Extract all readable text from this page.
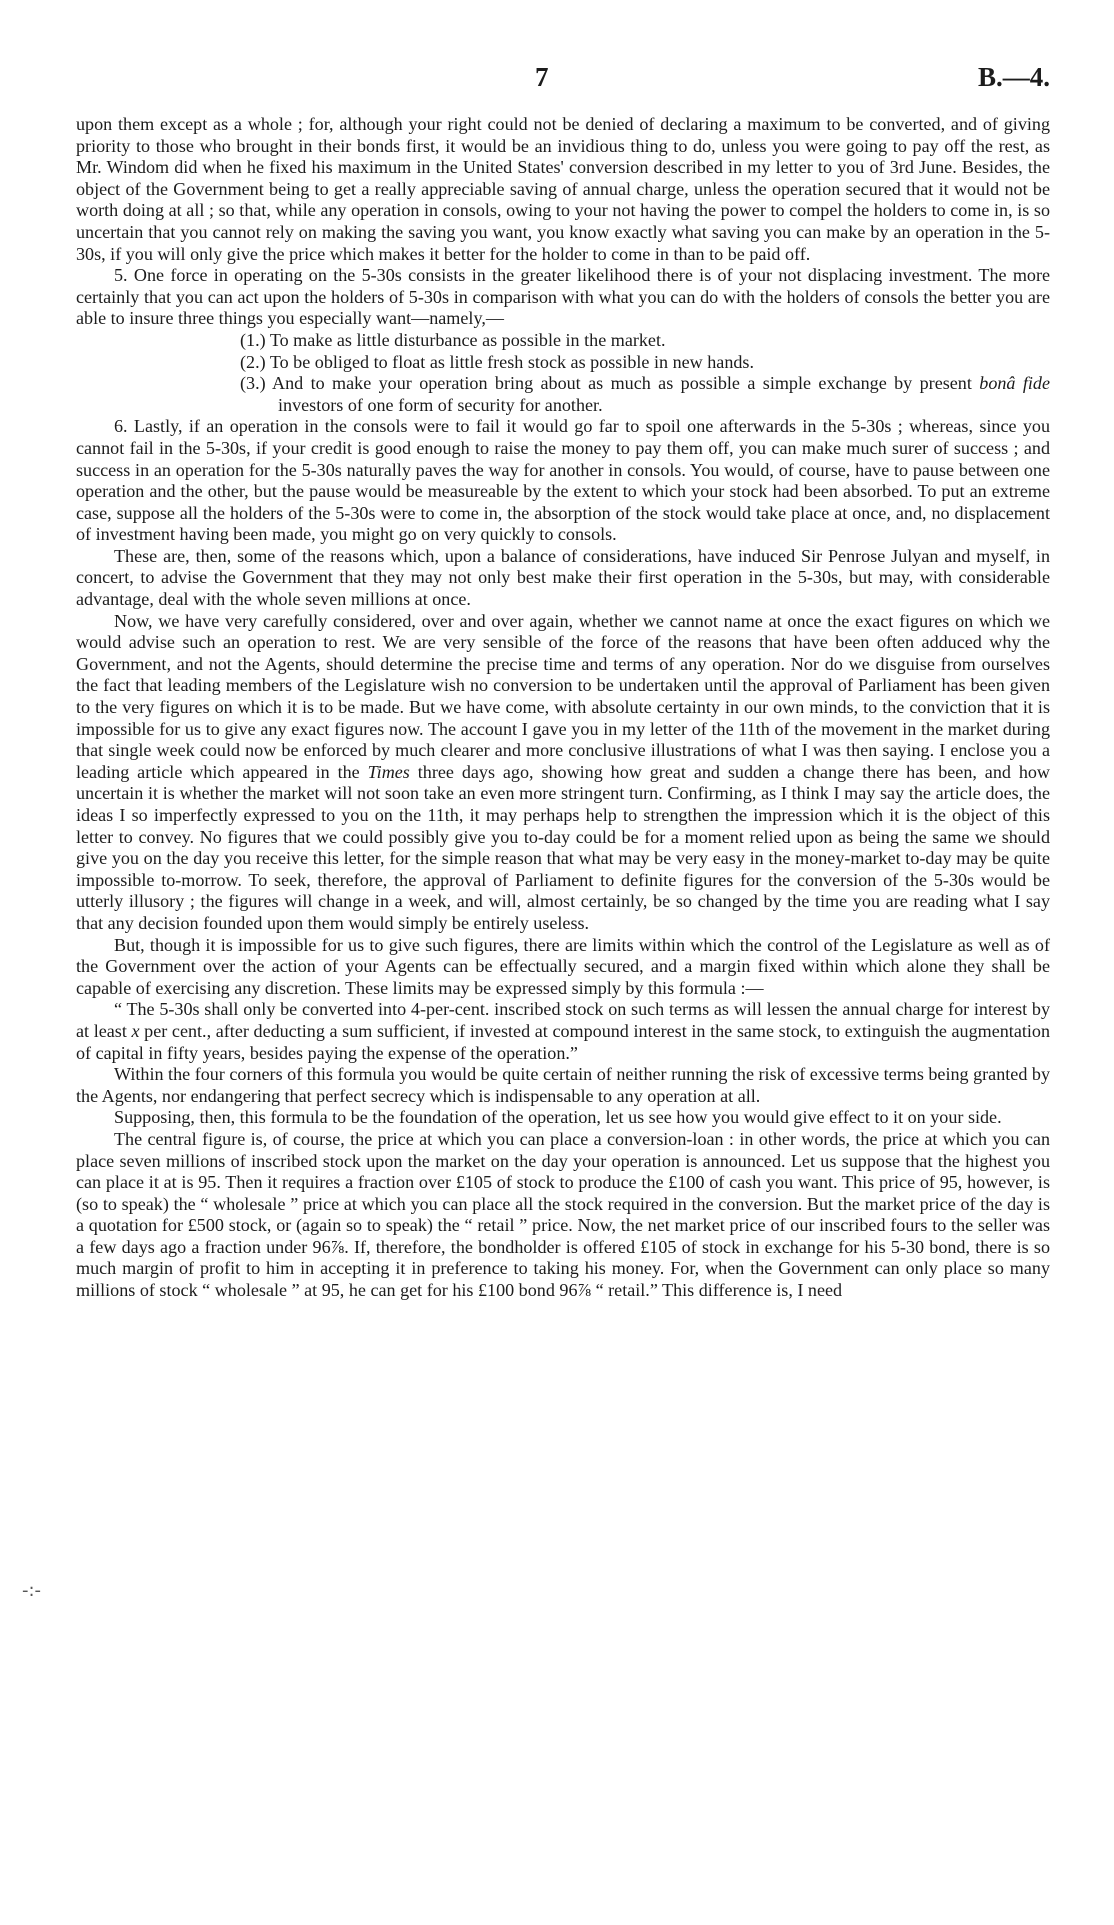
7	B.—4.
-:-

upon them except as a whole ; for, although your right could not be denied of declaring a maximum to be converted, and of giving priority to those who brought in their bonds first, it would be an invidious thing to do, unless you were going to pay off the rest, as Mr. Windom did when he fixed his maximum in the United States' conversion described in my letter to you of 3rd June. Besides, the object of the Government being to get a really appreciable saving of annual charge, unless the operation secured that it would not be worth doing at all ; so that, while any operation in consols, owing to your not having the power to compel the holders to come in, is so uncertain that you cannot rely on making the saving you want, you know exactly what saving you can make by an operation in the 5-30s, if you will only give the price which makes it better for the holder to come in than to be paid off.

5. One force in operating on the 5-30s consists in the greater likelihood there is of your not displacing investment. The more certainly that you can act upon the holders of 5-30s in comparison with what you can do with the holders of consols the better you are able to insure three things you especially want—namely,—

(1.) To make as little disturbance as possible in the market.
(2.) To be obliged to float as little fresh stock as possible in new hands.
(3.) And to make your operation bring about as much as possible a simple exchange by present bonâ fide investors of one form of security for another.

6. Lastly, if an operation in the consols were to fail it would go far to spoil one afterwards in the 5-30s ; whereas, since you cannot fail in the 5-30s, if your credit is good enough to raise the money to pay them off, you can make much surer of success ; and success in an operation for the 5-30s naturally paves the way for another in consols. You would, of course, have to pause between one operation and the other, but the pause would be measureable by the extent to which your stock had been absorbed. To put an extreme case, suppose all the holders of the 5-30s were to come in, the absorption of the stock would take place at once, and, no displacement of investment having been made, you might go on very quickly to consols.

These are, then, some of the reasons which, upon a balance of considerations, have induced Sir Penrose Julyan and myself, in concert, to advise the Government that they may not only best make their first operation in the 5-30s, but may, with considerable advantage, deal with the whole seven millions at once.

Now, we have very carefully considered, over and over again, whether we cannot name at once the exact figures on which we would advise such an operation to rest. We are very sensible of the force of the reasons that have been often adduced why the Government, and not the Agents, should determine the precise time and terms of any operation. Nor do we disguise from ourselves the fact that leading members of the Legislature wish no conversion to be undertaken until the approval of Parliament has been given to the very figures on which it is to be made. But we have come, with absolute certainty in our own minds, to the conviction that it is impossible for us to give any exact figures now. The account I gave you in my letter of the 11th of the movement in the market during that single week could now be enforced by much clearer and more conclusive illustrations of what I was then saying. I enclose you a leading article which appeared in the Times three days ago, showing how great and sudden a change there has been, and how uncertain it is whether the market will not soon take an even more stringent turn. Confirming, as I think I may say the article does, the ideas I so imperfectly expressed to you on the 11th, it may perhaps help to strengthen the impression which it is the object of this letter to convey. No figures that we could possibly give you to-day could be for a moment relied upon as being the same we should give you on the day you receive this letter, for the simple reason that what may be very easy in the money-market to-day may be quite impossible to-morrow. To seek, therefore, the approval of Parliament to definite figures for the conversion of the 5-30s would be utterly illusory ; the figures will change in a week, and will, almost certainly, be so changed by the time you are reading what I say that any decision founded upon them would simply be entirely useless.

But, though it is impossible for us to give such figures, there are limits within which the control of the Legislature as well as of the Government over the action of your Agents can be effectually secured, and a margin fixed within which alone they shall be capable of exercising any discretion. These limits may be expressed simply by this formula :—

“ The 5-30s shall only be converted into 4-per-cent. inscribed stock on such terms as will lessen the annual charge for interest by at least x per cent., after deducting a sum sufficient, if invested at compound interest in the same stock, to extinguish the augmentation of capital in fifty years, besides paying the expense of the operation.”

Within the four corners of this formula you would be quite certain of neither running the risk of excessive terms being granted by the Agents, nor endangering that perfect secrecy which is indispensable to any operation at all.

Supposing, then, this formula to be the foundation of the operation, let us see how you would give effect to it on your side.

The central figure is, of course, the price at which you can place a conversion-loan : in other words, the price at which you can place seven millions of inscribed stock upon the market on the day your operation is announced. Let us suppose that the highest you can place it at is 95. Then it requires a fraction over £105 of stock to produce the £100 of cash you want. This price of 95, however, is (so to speak) the “ wholesale ” price at which you can place all the stock required in the conversion. But the market price of the day is a quotation for £500 stock, or (again so to speak) the “ retail ” price. Now, the net market price of our inscribed fours to the seller was a few days ago a fraction under 96⅞. If, therefore, the bondholder is offered £105 of stock in exchange for his 5-30 bond, there is so much margin of profit to him in accepting it in preference to taking his money. For, when the Government can only place so many millions of stock “ wholesale ” at 95, he can get for his £100 bond 96⅞ “ retail.” This difference is, I need
